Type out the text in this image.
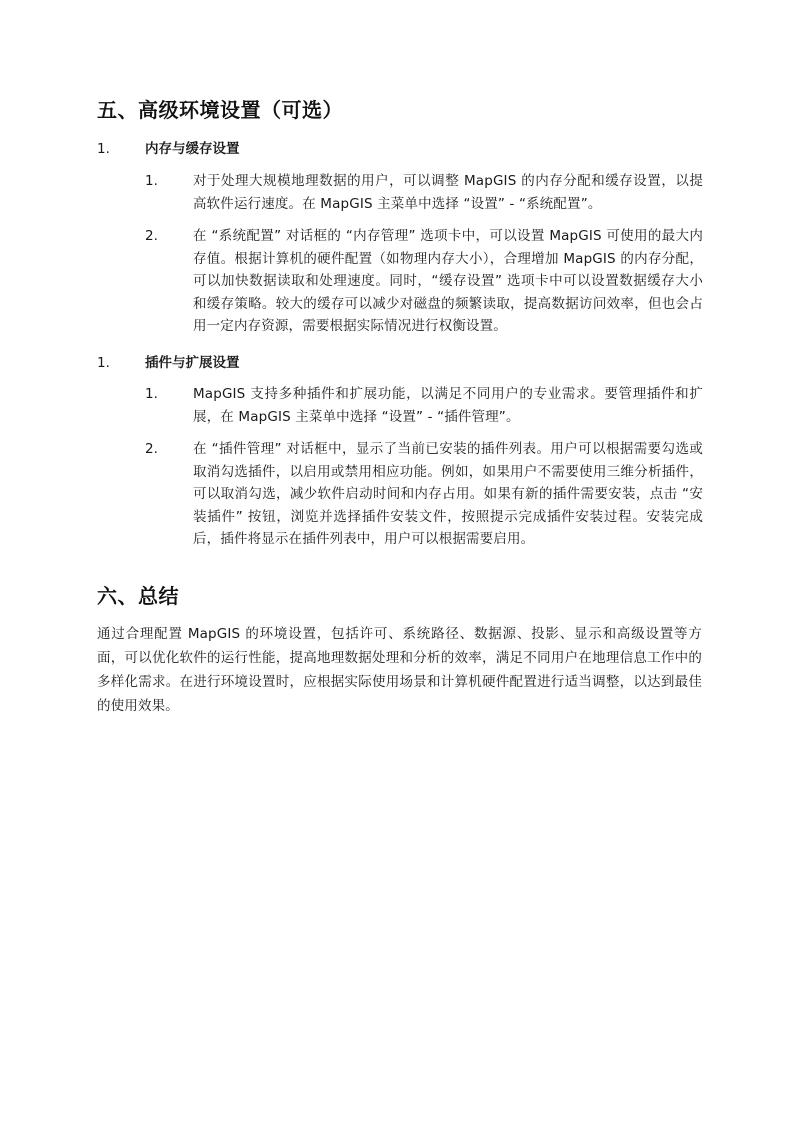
五、高级环境设置（可选）
1.	内存与缓存设置
1.	对于处理大规模地理数据的用户，可以调整 MapGIS 的内存分配和缓存设置，以提高软件运行速度。在 MapGIS 主菜单中选择 “设置” - “系统配置”。
2.	在 “系统配置” 对话框的 “内存管理” 选项卡中，可以设置 MapGIS 可使用的最大内存值。根据计算机的硬件配置（如物理内存大小），合理增加 MapGIS 的内存分配，可以加快数据读取和处理速度。同时，“缓存设置” 选项卡中可以设置数据缓存大小和缓存策略。较大的缓存可以减少对磁盘的频繁读取，提高数据访问效率，但也会占用一定内存资源，需要根据实际情况进行权衡设置。
1.	插件与扩展设置
1.	MapGIS 支持多种插件和扩展功能，以满足不同用户的专业需求。要管理插件和扩展，在 MapGIS 主菜单中选择 “设置” - “插件管理”。
2.	在 “插件管理” 对话框中，显示了当前已安装的插件列表。用户可以根据需要勾选或取消勾选插件，以启用或禁用相应功能。例如，如果用户不需要使用三维分析插件，可以取消勾选，减少软件启动时间和内存占用。如果有新的插件需要安装，点击 “安装插件” 按钮，浏览并选择插件安装文件，按照提示完成插件安装过程。安装完成后，插件将显示在插件列表中，用户可以根据需要启用。
六、总结
通过合理配置 MapGIS 的环境设置，包括许可、系统路径、数据源、投影、显示和高级设置等方面，可以优化软件的运行性能，提高地理数据处理和分析的效率，满足不同用户在地理信息工作中的多样化需求。在进行环境设置时，应根据实际使用场景和计算机硬件配置进行适当调整，以达到最佳的使用效果。
